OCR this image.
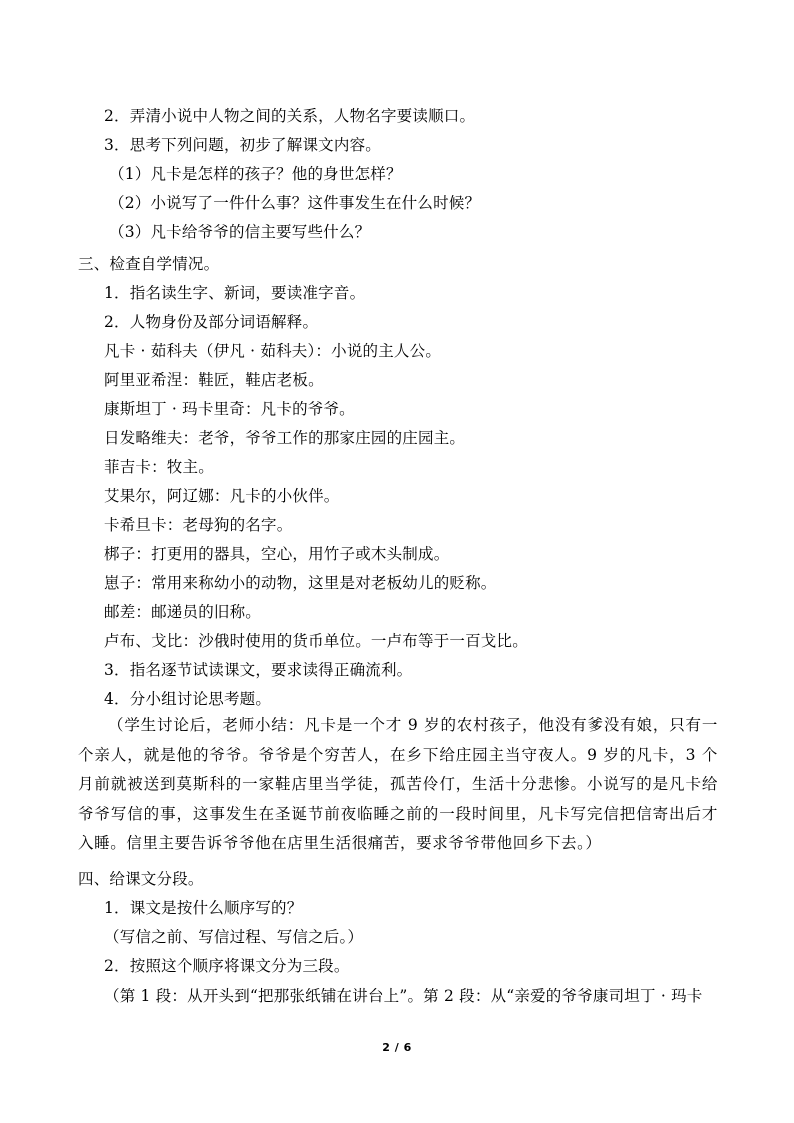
2．弄清小说中人物之间的关系，人物名字要读顺口。
3．思考下列问题，初步了解课文内容。
（1）凡卡是怎样的孩子？他的身世怎样？
（2）小说写了一件什么事？这件事发生在什么时候？
（3）凡卡给爷爷的信主要写些什么？
三、检查自学情况。
1．指名读生字、新词，要读准字音。
2．人物身份及部分词语解释。
凡卡 · 茹科夫（伊凡 · 茹科夫）：小说的主人公。
阿里亚希涅：鞋匠，鞋店老板。
康斯坦丁 · 玛卡里奇：凡卡的爷爷。
日发略维夫：老爷，爷爷工作的那家庄园的庄园主。
菲吉卡：牧主。
艾果尔，阿辽娜：凡卡的小伙伴。
卡希旦卡：老母狗的名字。
梆子：打更用的器具，空心，用竹子或木头制成。
崽子：常用来称幼小的动物，这里是对老板幼儿的贬称。
邮差：邮递员的旧称。
卢布、戈比：沙俄时使用的货币单位。一卢布等于一百戈比。
3．指名逐节试读课文，要求读得正确流利。
4．分小组讨论思考题。
（学生讨论后，老师小结：凡卡是一个才 9 岁的农村孩子，他没有爹没有娘，只有一个亲人，就是他的爷爷。爷爷是个穷苦人，在乡下给庄园主当守夜人。9 岁的凡卡，3 个月前就被送到莫斯科的一家鞋店里当学徒，孤苦伶仃，生活十分悲惨。小说写的是凡卡给爷爷写信的事，这事发生在圣诞节前夜临睡之前的一段时间里，凡卡写完信把信寄出后才入睡。信里主要告诉爷爷他在店里生活很痛苦，要求爷爷带他回乡下去。）
四、给课文分段。
1．课文是按什么顺序写的？
（写信之前、写信过程、写信之后。）
2．按照这个顺序将课文分为三段。
（第 1 段：从开头到“把那张纸铺在讲台上”。第 2 段：从“亲爱的爷爷康司坦丁 · 玛卡
2 / 6
